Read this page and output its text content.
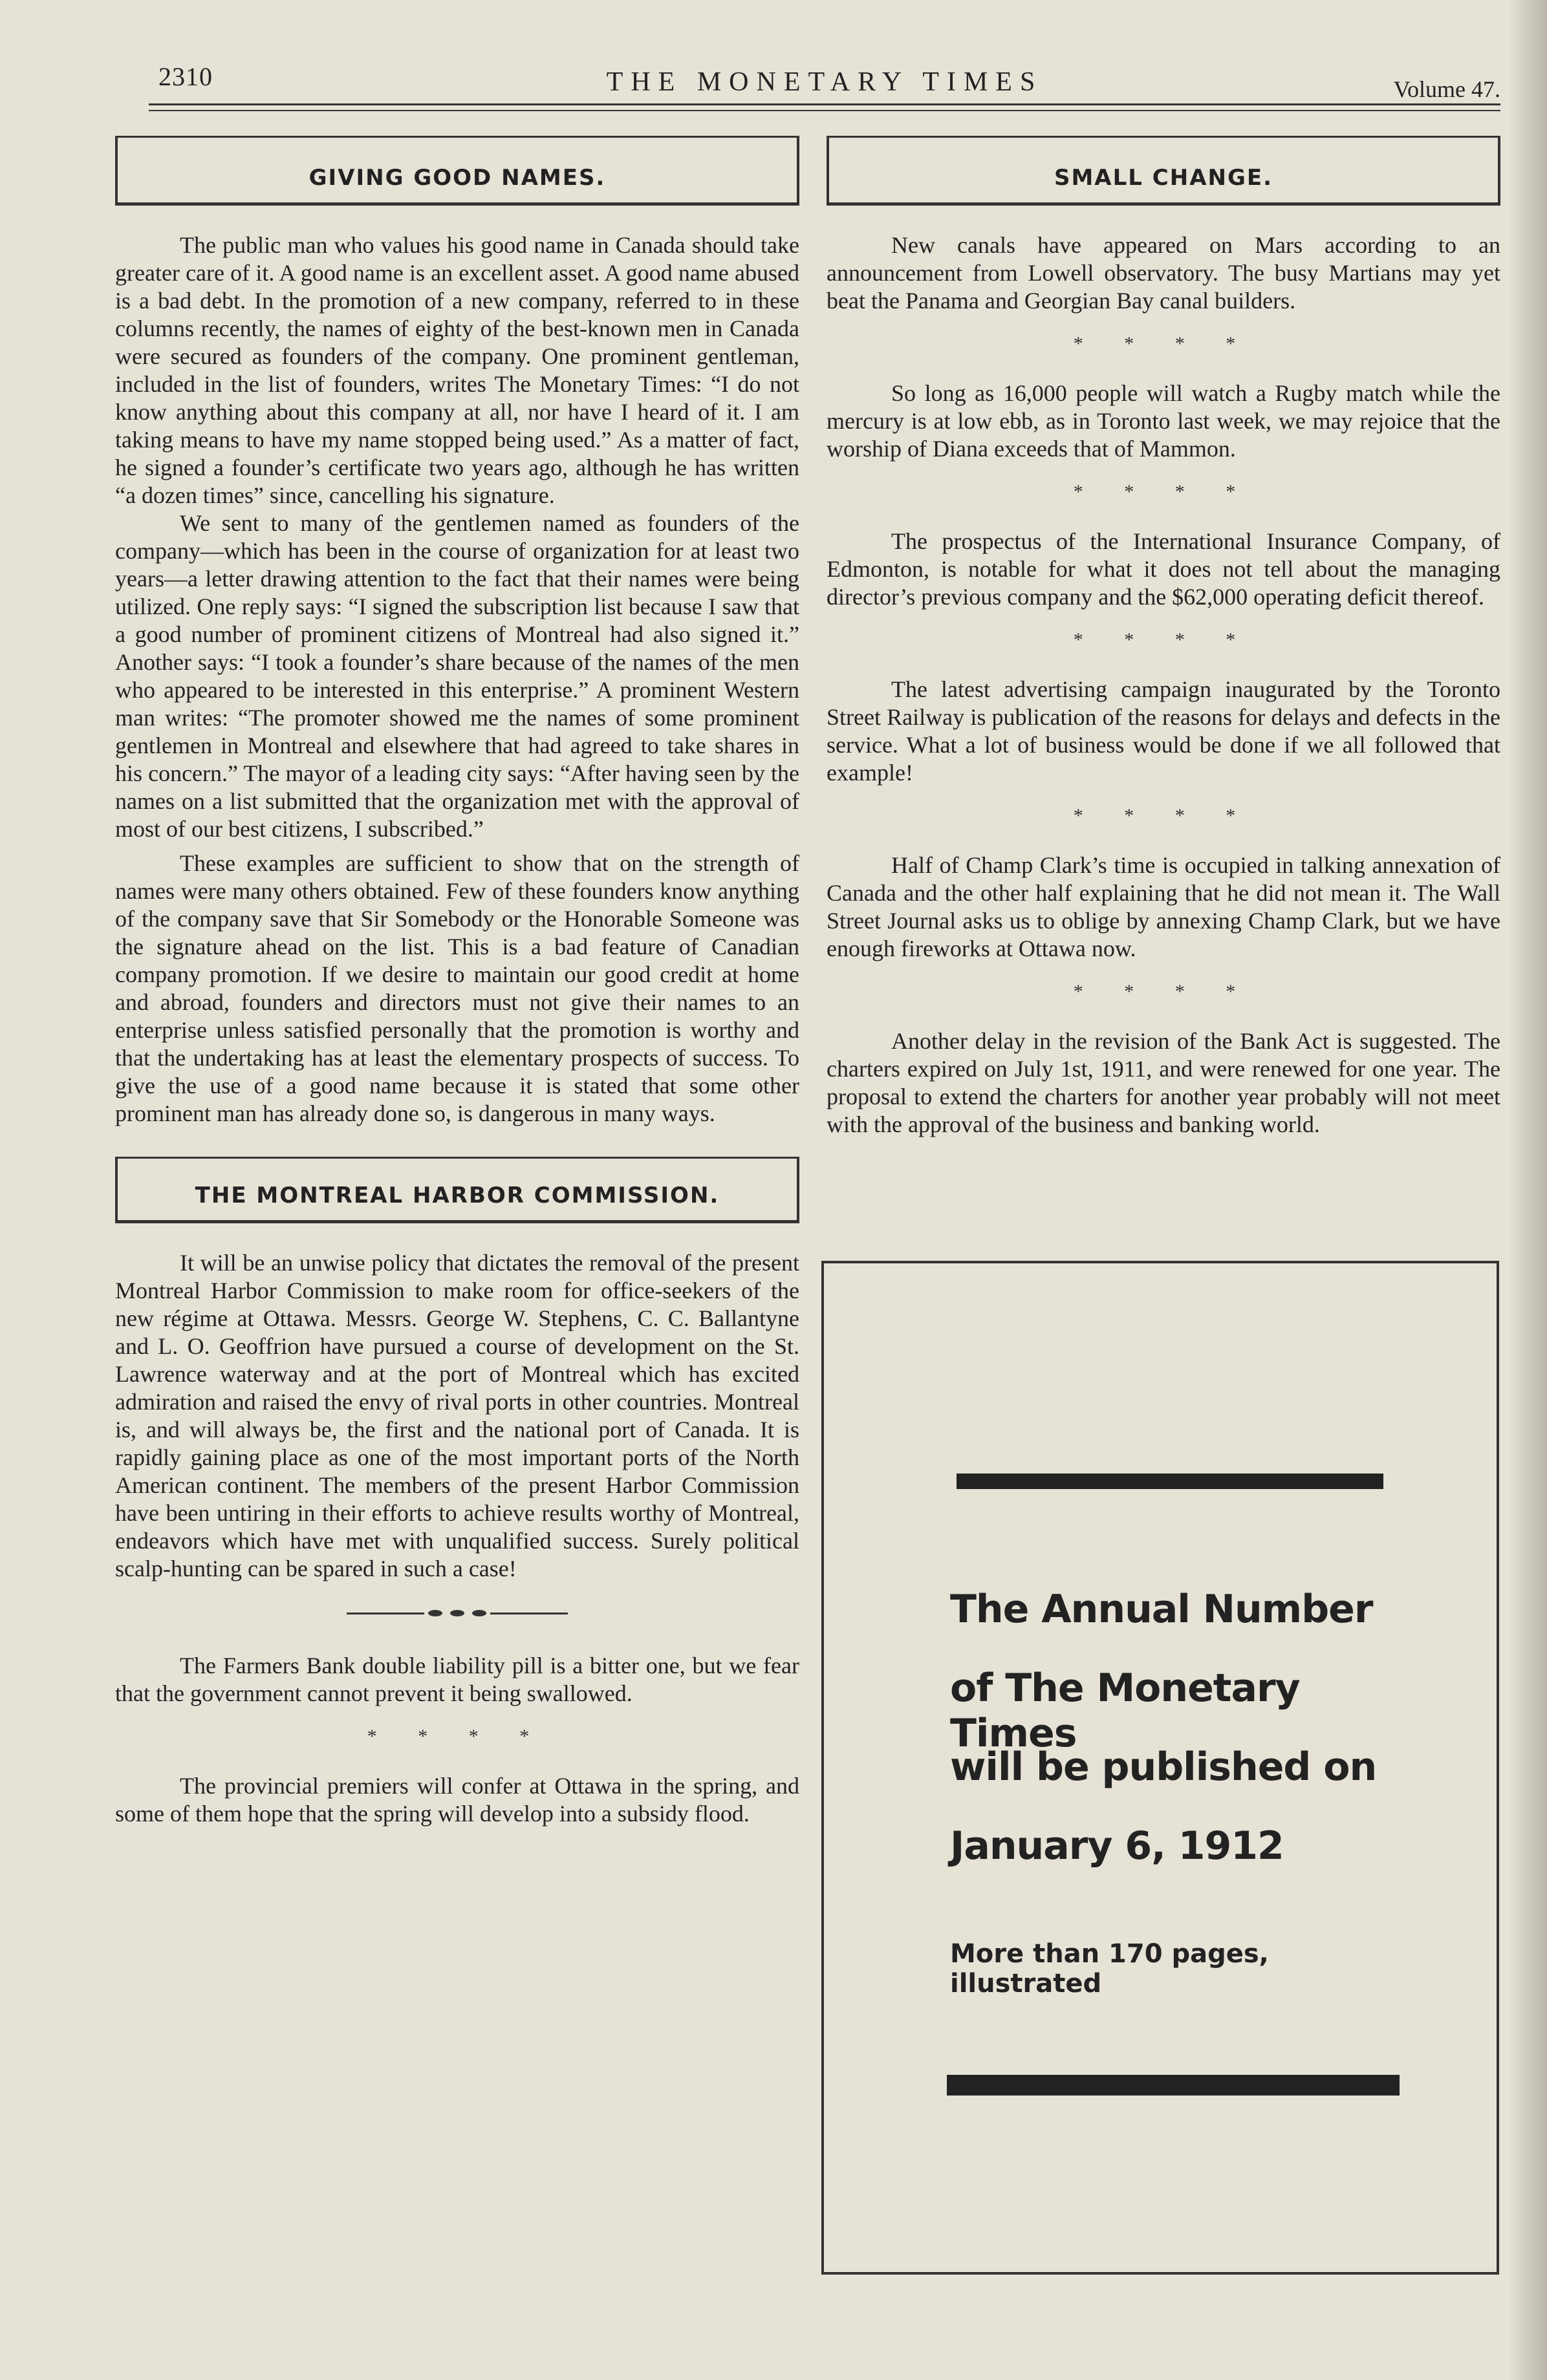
2310	THE MONETARY TIMES	Volume 47.
GIVING GOOD NAMES.

The public man who values his good name in Canada should take greater care of it. A good name is an excellent asset. A good name abused is a bad debt. In the promotion of a new company, referred to in these columns recently, the names of eighty of the best-known men in Canada were secured as founders of the company. One prominent gentleman, included in the list of founders, writes The Monetary Times: “I do not know anything about this company at all, nor have I heard of it. I am taking means to have my name stopped being used.” As a matter of fact, he signed a founder’s certificate two years ago, although he has written “a dozen times” since, cancelling his signature.

We sent to many of the gentlemen named as founders of the company—which has been in the course of organization for at least two years—a letter drawing attention to the fact that their names were being utilized. One reply says: “I signed the subscription list because I saw that a good number of prominent citizens of Montreal had also signed it.” Another says: “I took a founder’s share because of the names of the men who appeared to be interested in this enterprise.” A prominent Western man writes: “The promoter showed me the names of some prominent gentlemen in Montreal and elsewhere that had agreed to take shares in his concern.” The mayor of a leading city says: “After having seen by the names on a list submitted that the organization met with the approval of most of our best citizens, I subscribed.”

These examples are sufficient to show that on the strength of names were many others obtained. Few of these founders know anything of the company save that Sir Somebody or the Honorable Someone was the signature ahead on the list. This is a bad feature of Canadian company promotion. If we desire to maintain our good credit at home and abroad, founders and directors must not give their names to an enterprise unless satisfied personally that the promotion is worthy and that the undertaking has at least the elementary prospects of success. To give the use of a good name because it is stated that some other prominent man has already done so, is dangerous in many ways.

THE MONTREAL HARBOR COMMISSION.

It will be an unwise policy that dictates the removal of the present Montreal Harbor Commission to make room for office-seekers of the new régime at Ottawa. Messrs. George W. Stephens, C. C. Ballantyne and L. O. Geoffrion have pursued a course of development on the St. Lawrence waterway and at the port of Montreal which has excited admiration and raised the envy of rival ports in other countries. Montreal is, and will always be, the first and the national port of Canada. It is rapidly gaining place as one of the most important ports of the North American continent. The members of the present Harbor Commission have been untiring in their efforts to achieve results worthy of Montreal, endeavors which have met with unqualified success. Surely political scalp-hunting can be spared in such a case!

The Farmers Bank double liability pill is a bitter one, but we fear that the government cannot prevent it being swallowed.

* * * *

The provincial premiers will confer at Ottawa in the spring, and some of them hope that the spring will develop into a subsidy flood.

SMALL CHANGE.

New canals have appeared on Mars according to an announcement from Lowell observatory. The busy Martians may yet beat the Panama and Georgian Bay canal builders.

* * * *

So long as 16,000 people will watch a Rugby match while the mercury is at low ebb, as in Toronto last week, we may rejoice that the worship of Diana exceeds that of Mammon.

* * * *

The prospectus of the International Insurance Company, of Edmonton, is notable for what it does not tell about the managing director’s previous company and the $62,000 operating deficit thereof.

* * * *

The latest advertising campaign inaugurated by the Toronto Street Railway is publication of the reasons for delays and defects in the service. What a lot of business would be done if we all followed that example!

* * * *

Half of Champ Clark’s time is occupied in talking annexation of Canada and the other half explaining that he did not mean it. The Wall Street Journal asks us to oblige by annexing Champ Clark, but we have enough fireworks at Ottawa now.

* * * *

Another delay in the revision of the Bank Act is suggested. The charters expired on July 1st, 1911, and were renewed for one year. The proposal to extend the charters for another year probably will not meet with the approval of the business and banking world.

The Annual Number
of The Monetary Times
will be published on
January 6, 1912
More than 170 pages, illustrated
